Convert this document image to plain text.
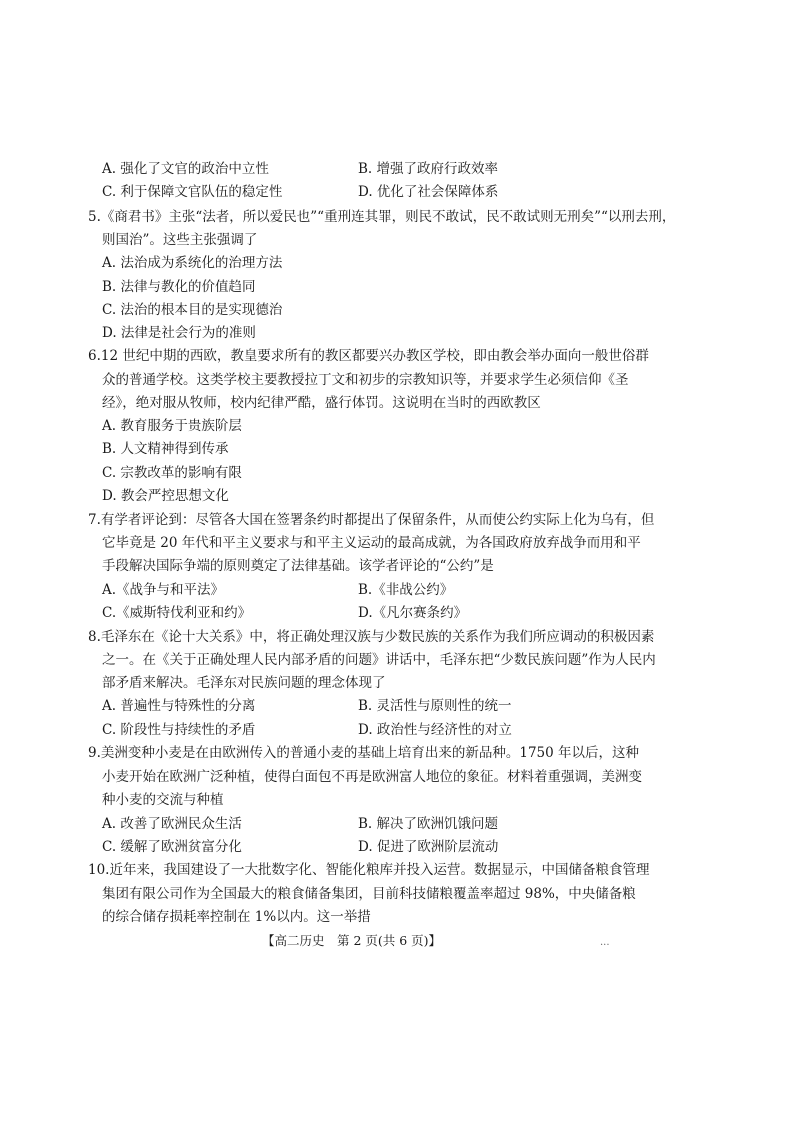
A. 强化了文官的政治中立性	B. 增强了政府行政效率
C. 利于保障文官队伍的稳定性	D. 优化了社会保障体系
5.《商君书》主张“法者，所以爱民也”“重刑连其罪，则民不敢试，民不敢试则无刑矣”“以刑去刑，
则国治”。这些主张强调了
A. 法治成为系统化的治理方法
B. 法律与教化的价值趋同
C. 法治的根本目的是实现德治
D. 法律是社会行为的准则
6.12 世纪中期的西欧，教皇要求所有的教区都要兴办教区学校，即由教会举办面向一般世俗群
众的普通学校。这类学校主要教授拉丁文和初步的宗教知识等，并要求学生必须信仰《圣
经》，绝对服从牧师，校内纪律严酷，盛行体罚。这说明在当时的西欧教区
A. 教育服务于贵族阶层
B. 人文精神得到传承
C. 宗教改革的影响有限
D. 教会严控思想文化
7.有学者评论到：尽管各大国在签署条约时都提出了保留条件，从而使公约实际上化为乌有，但
它毕竟是 20 年代和平主义要求与和平主义运动的最高成就，为各国政府放弃战争而用和平
手段解决国际争端的原则奠定了法律基础。该学者评论的“公约”是
A.《战争与和平法》	B.《非战公约》
C.《威斯特伐利亚和约》	D.《凡尔赛条约》
8.毛泽东在《论十大关系》中，将正确处理汉族与少数民族的关系作为我们所应调动的积极因素
之一。在《关于正确处理人民内部矛盾的问题》讲话中，毛泽东把“少数民族问题”作为人民内
部矛盾来解决。毛泽东对民族问题的理念体现了
A. 普遍性与特殊性的分离	B. 灵活性与原则性的统一
C. 阶段性与持续性的矛盾	D. 政治性与经济性的对立
9.美洲变种小麦是在由欧洲传入的普通小麦的基础上培育出来的新品种。1750 年以后，这种
小麦开始在欧洲广泛种植，使得白面包不再是欧洲富人地位的象征。材料着重强调，美洲变
种小麦的交流与种植
A. 改善了欧洲民众生活	B. 解决了欧洲饥饿问题
C. 缓解了欧洲贫富分化	D. 促进了欧洲阶层流动
10.近年来，我国建设了一大批数字化、智能化粮库并投入运营。数据显示，中国储备粮食管理
集团有限公司作为全国最大的粮食储备集团，目前科技储粮覆盖率超过 98%，中央储备粮
的综合储存损耗率控制在 1%以内。这一举措
【高二历史　第 2 页(共 6 页)】	...
